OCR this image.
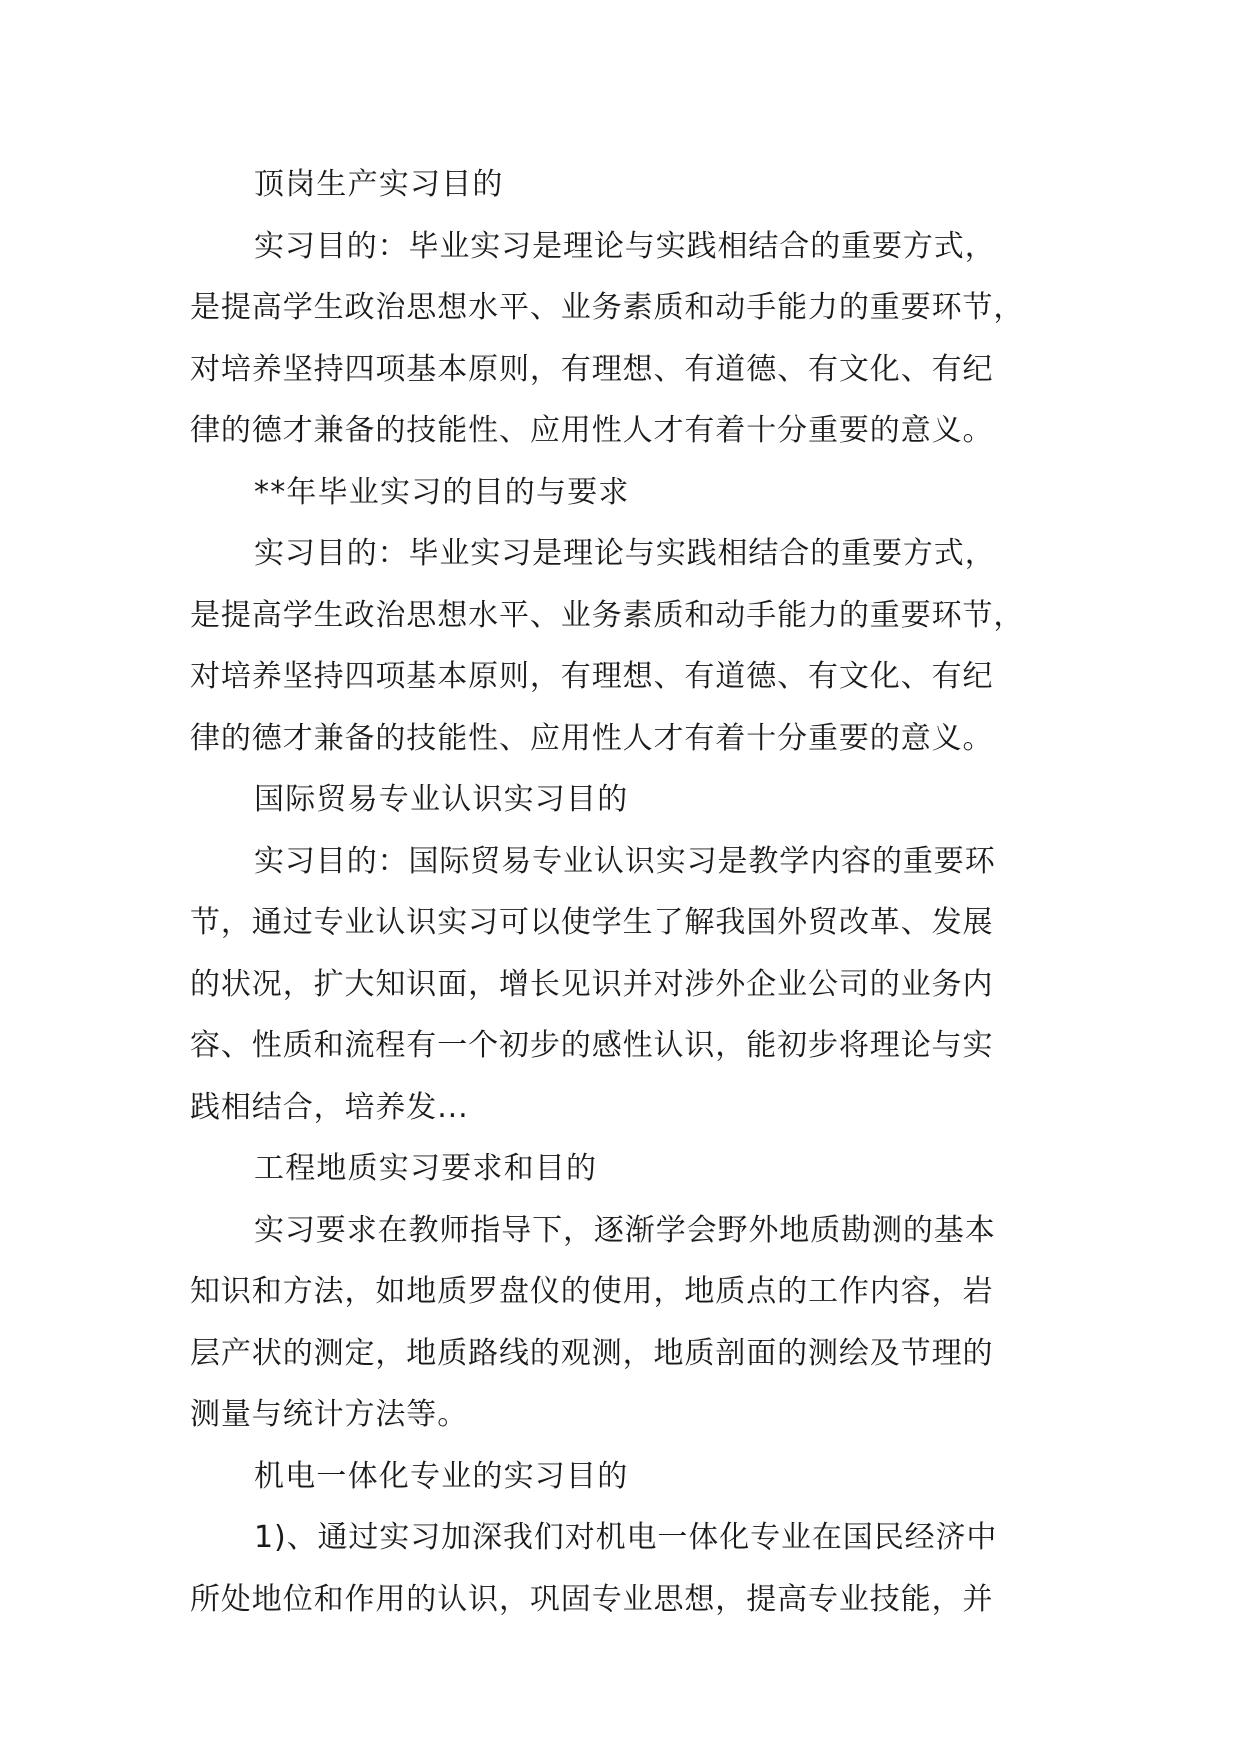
顶岗生产实习目的
实习目的：毕业实习是理论与实践相结合的重要方式，
是提高学生政治思想水平、业务素质和动手能力的重要环节，
对培养坚持四项基本原则，有理想、有道德、有文化、有纪
律的德才兼备的技能性、应用性人才有着十分重要的意义。
**年毕业实习的目的与要求
实习目的：毕业实习是理论与实践相结合的重要方式，
是提高学生政治思想水平、业务素质和动手能力的重要环节，
对培养坚持四项基本原则，有理想、有道德、有文化、有纪
律的德才兼备的技能性、应用性人才有着十分重要的意义。
国际贸易专业认识实习目的
实习目的：国际贸易专业认识实习是教学内容的重要环
节，通过专业认识实习可以使学生了解我国外贸改革、发展
的状况，扩大知识面，增长见识并对涉外企业公司的业务内
容、性质和流程有一个初步的感性认识，能初步将理论与实
践相结合，培养发...
工程地质实习要求和目的
实习要求在教师指导下，逐渐学会野外地质勘测的基本
知识和方法，如地质罗盘仪的使用，地质点的工作内容，岩
层产状的测定，地质路线的观测，地质剖面的测绘及节理的
测量与统计方法等。
机电一体化专业的实习目的
1)、通过实习加深我们对机电一体化专业在国民经济中
所处地位和作用的认识，巩固专业思想，提高专业技能，并
